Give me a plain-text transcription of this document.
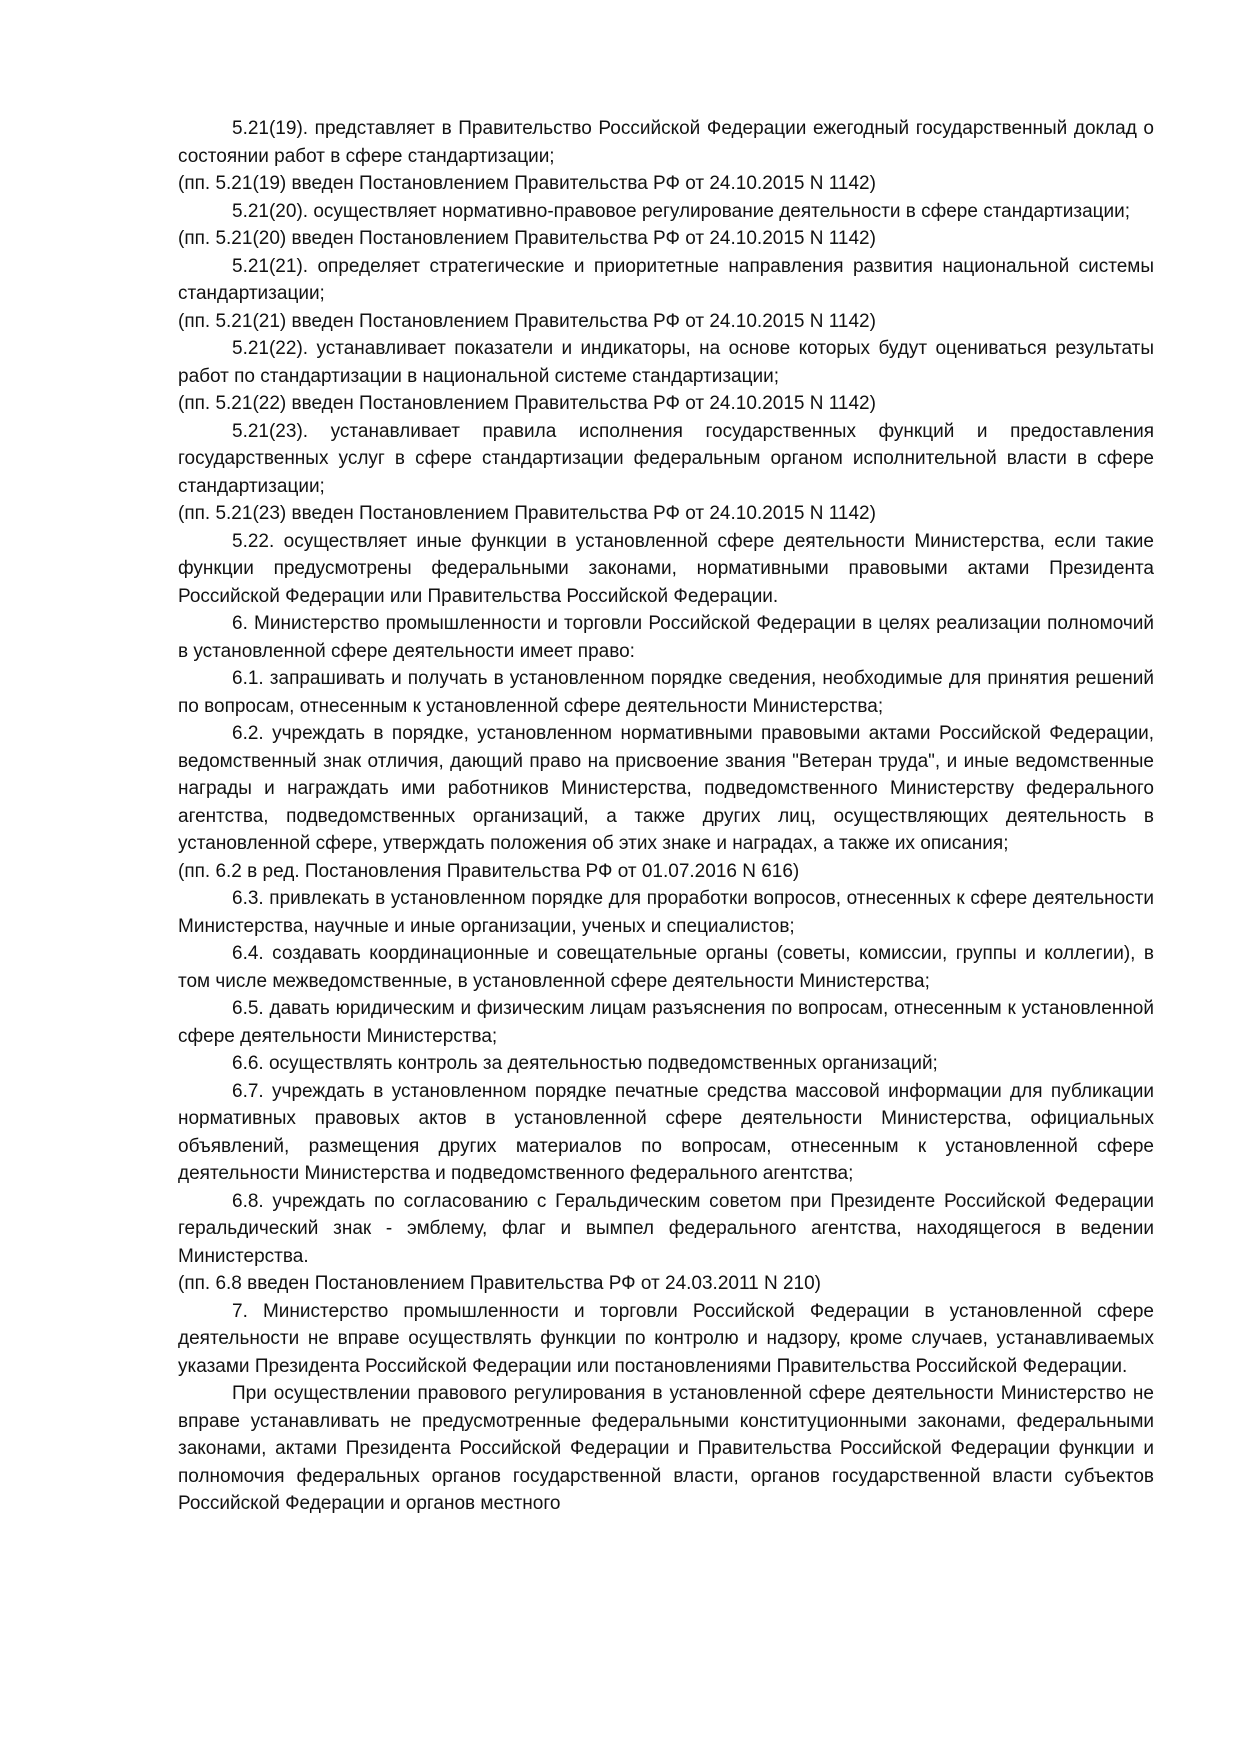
5.21(19). представляет в Правительство Российской Федерации ежегодный государственный доклад о состоянии работ в сфере стандартизации;

(пп. 5.21(19) введен Постановлением Правительства РФ от 24.10.2015 N 1142)

5.21(20). осуществляет нормативно-правовое регулирование деятельности в сфере стандартизации;

(пп. 5.21(20) введен Постановлением Правительства РФ от 24.10.2015 N 1142)

5.21(21). определяет стратегические и приоритетные направления развития национальной системы стандартизации;

(пп. 5.21(21) введен Постановлением Правительства РФ от 24.10.2015 N 1142)

5.21(22). устанавливает показатели и индикаторы, на основе которых будут оцениваться результаты работ по стандартизации в национальной системе стандартизации;

(пп. 5.21(22) введен Постановлением Правительства РФ от 24.10.2015 N 1142)

5.21(23). устанавливает правила исполнения государственных функций и предоставления государственных услуг в сфере стандартизации федеральным органом исполнительной власти в сфере стандартизации;

(пп. 5.21(23) введен Постановлением Правительства РФ от 24.10.2015 N 1142)

5.22. осуществляет иные функции в установленной сфере деятельности Министерства, если такие функции предусмотрены федеральными законами, нормативными правовыми актами Президента Российской Федерации или Правительства Российской Федерации.

6. Министерство промышленности и торговли Российской Федерации в целях реализации полномочий в установленной сфере деятельности имеет право:

6.1. запрашивать и получать в установленном порядке сведения, необходимые для принятия решений по вопросам, отнесенным к установленной сфере деятельности Министерства;

6.2. учреждать в порядке, установленном нормативными правовыми актами Российской Федерации, ведомственный знак отличия, дающий право на присвоение звания "Ветеран труда", и иные ведомственные награды и награждать ими работников Министерства, подведомственного Министерству федерального агентства, подведомственных организаций, а также других лиц, осуществляющих деятельность в установленной сфере, утверждать положения об этих знаке и наградах, а также их описания;

(пп. 6.2 в ред. Постановления Правительства РФ от 01.07.2016 N 616)

6.3. привлекать в установленном порядке для проработки вопросов, отнесенных к сфере деятельности Министерства, научные и иные организации, ученых и специалистов;

6.4. создавать координационные и совещательные органы (советы, комиссии, группы и коллегии), в том числе межведомственные, в установленной сфере деятельности Министерства;

6.5. давать юридическим и физическим лицам разъяснения по вопросам, отнесенным к установленной сфере деятельности Министерства;

6.6. осуществлять контроль за деятельностью подведомственных организаций;

6.7. учреждать в установленном порядке печатные средства массовой информации для публикации нормативных правовых актов в установленной сфере деятельности Министерства, официальных объявлений, размещения других материалов по вопросам, отнесенным к установленной сфере деятельности Министерства и подведомственного федерального агентства;

6.8. учреждать по согласованию с Геральдическим советом при Президенте Российской Федерации геральдический знак - эмблему, флаг и вымпел федерального агентства, находящегося в ведении Министерства.

(пп. 6.8 введен Постановлением Правительства РФ от 24.03.2011 N 210)

7. Министерство промышленности и торговли Российской Федерации в установленной сфере деятельности не вправе осуществлять функции по контролю и надзору, кроме случаев, устанавливаемых указами Президента Российской Федерации или постановлениями Правительства Российской Федерации.

При осуществлении правового регулирования в установленной сфере деятельности Министерство не вправе устанавливать не предусмотренные федеральными конституционными законами, федеральными законами, актами Президента Российской Федерации и Правительства Российской Федерации функции и полномочия федеральных органов государственной власти, органов государственной власти субъектов Российской Федерации и органов местного
